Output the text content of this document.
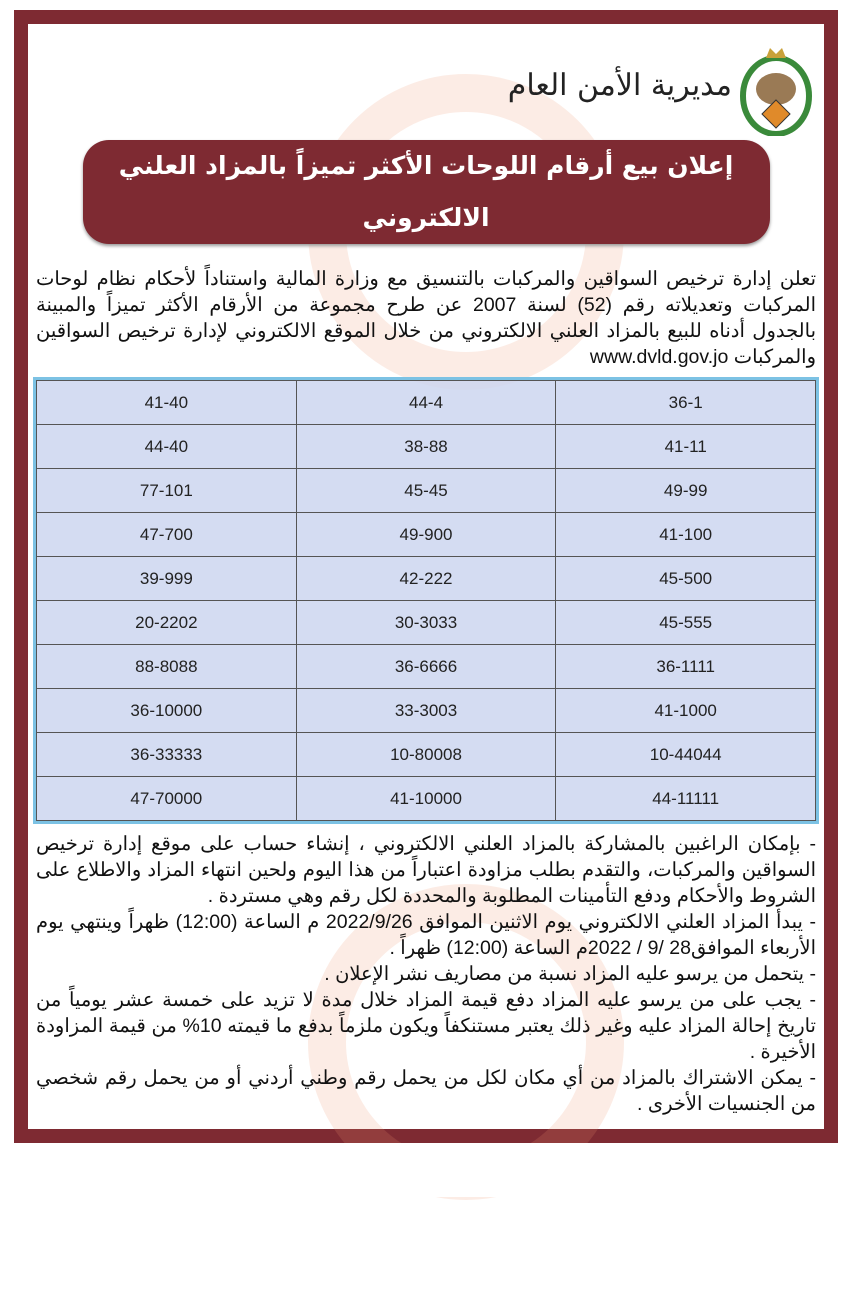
مديرية الأمن العام
إعلان بيع أرقام اللوحات الأكثر تميزاً بالمزاد العلني الالكتروني
تعلن إدارة ترخيص السواقين والمركبات بالتنسيق مع وزارة المالية واستناداً لأحكام نظام لوحات المركبات وتعديلاته رقم (52) لسنة 2007 عن طرح مجموعة من الأرقام الأكثر تميزاً والمبينة بالجدول أدناه للبيع بالمزاد العلني الالكتروني من خلال الموقع الالكتروني لإدارة ترخيص السواقين والمركبات www.dvld.gov.jo
36-1	44-4	41-40
41-11	38-88	44-40
49-99	45-45	77-101
41-100	49-900	47-700
45-500	42-222	39-999
45-555	30-3033	20-2202
36-1111	36-6666	88-8088
41-1000	33-3003	36-10000
10-44044	10-80008	36-33333
44-11111	41-10000	47-70000

- بإمكان الراغبين بالمشاركة بالمزاد العلني الالكتروني ، إنشاء حساب على موقع إدارة ترخيص السواقين والمركبات، والتقدم بطلب مزاودة اعتباراً من هذا اليوم ولحين انتهاء المزاد والاطلاع على الشروط والأحكام ودفع التأمينات المطلوبة والمحددة لكل رقم وهي مستردة .

- يبدأ المزاد العلني الالكتروني يوم الاثنين الموافق 2022/9/26 م الساعة (12:00) ظهراً وينتهي يوم الأربعاء الموافق28 /9 / 2022م الساعة (12:00) ظهراً .

- يتحمل من يرسو عليه المزاد نسبة من مصاريف نشر الإعلان .

- يجب على من يرسو عليه المزاد دفع قيمة المزاد خلال مدة لا تزيد على خمسة عشر يومياً من تاريخ إحالة المزاد عليه وغير ذلك يعتبر مستنكفاً ويكون ملزماً بدفع ما قيمته 10% من قيمة المزاودة الأخيرة .

- يمكن الاشتراك بالمزاد من أي مكان لكل من يحمل رقم وطني أردني أو من يحمل رقم شخصي من الجنسيات الأخرى .
